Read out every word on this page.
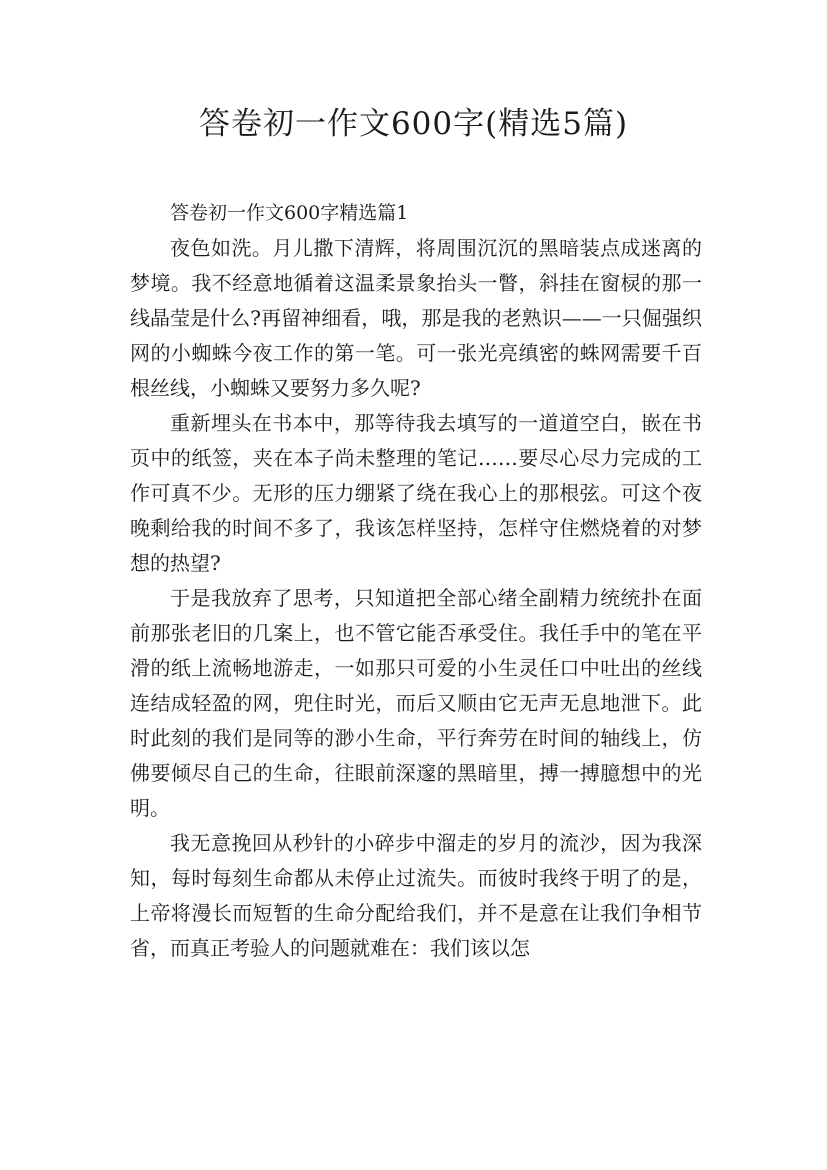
答卷初一作文600字(精选5篇)

答卷初一作文600字精选篇1

夜色如洗。月儿撒下清辉，将周围沉沉的黑暗装点成迷离的梦境。我不经意地循着这温柔景象抬头一瞥，斜挂在窗棂的那一线晶莹是什么?再留神细看，哦，那是我的老熟识——一只倔强织网的小蜘蛛今夜工作的第一笔。可一张光亮缜密的蛛网需要千百根丝线，小蜘蛛又要努力多久呢?

重新埋头在书本中，那等待我去填写的一道道空白，嵌在书页中的纸签，夹在本子尚未整理的笔记……要尽心尽力完成的工作可真不少。无形的压力绷紧了绕在我心上的那根弦。可这个夜晚剩给我的时间不多了，我该怎样坚持，怎样守住燃烧着的对梦想的热望?

于是我放弃了思考，只知道把全部心绪全副精力统统扑在面前那张老旧的几案上，也不管它能否承受住。我任手中的笔在平滑的纸上流畅地游走，一如那只可爱的小生灵任口中吐出的丝线连结成轻盈的网，兜住时光，而后又顺由它无声无息地泄下。此时此刻的我们是同等的渺小生命，平行奔劳在时间的轴线上，仿佛要倾尽自己的生命，往眼前深邃的黑暗里，搏一搏臆想中的光明。

我无意挽回从秒针的小碎步中溜走的岁月的流沙，因为我深知，每时每刻生命都从未停止过流失。而彼时我终于明了的是，上帝将漫长而短暂的生命分配给我们，并不是意在让我们争相节省，而真正考验人的问题就难在：我们该以怎
